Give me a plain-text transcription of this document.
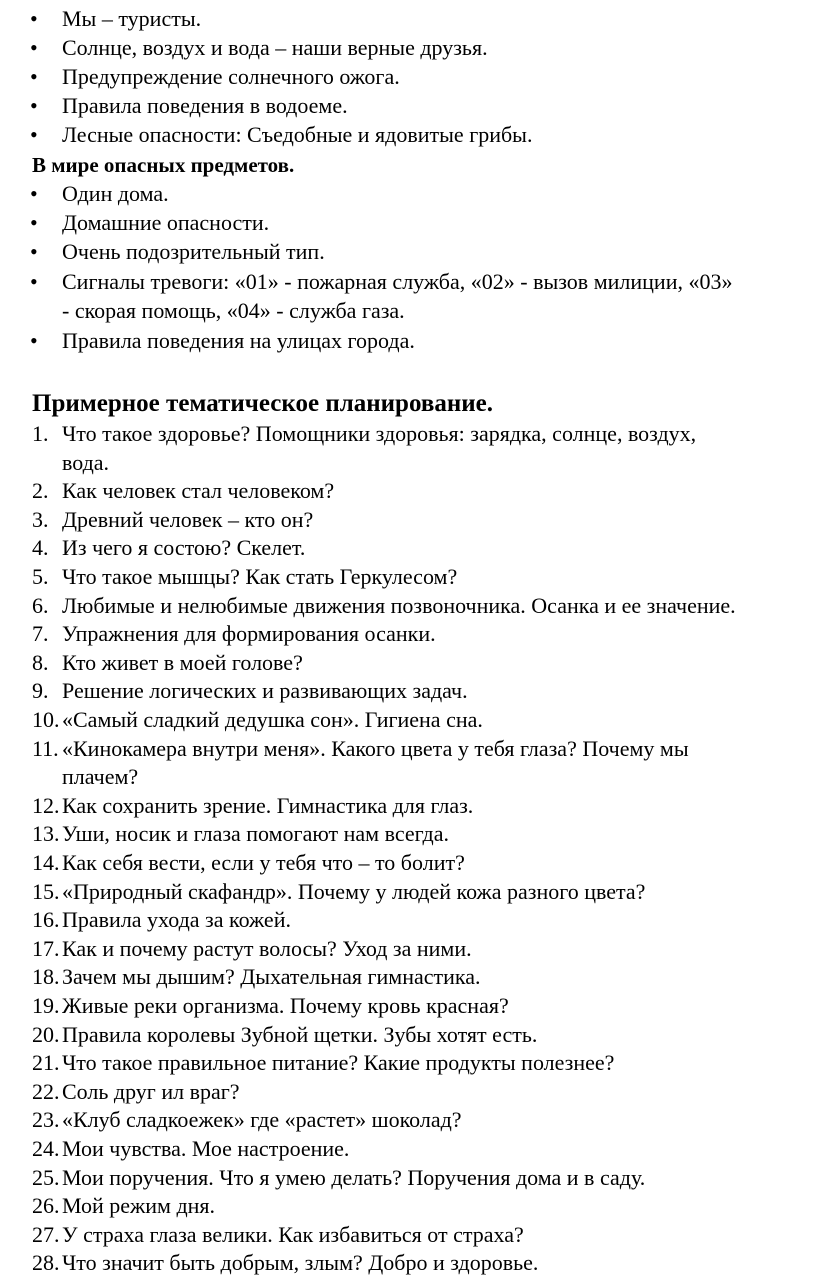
• Мы – туристы.
• Солнце, воздух и вода – наши верные друзья.
• Предупреждение солнечного ожога.
• Правила поведения в водоеме.
• Лесные опасности: Съедобные и ядовитые грибы.
В мире опасных предметов.
• Один дома.
• Домашние опасности.
• Очень подозрительный тип.
• Сигналы тревоги: «01» - пожарная служба, «02» - вызов милиции, «03»
- скорая помощь, «04» - служба газа.
• Правила поведения на улицах города.
Примерное тематическое планирование.
1. Что такое здоровье? Помощники здоровья: зарядка, солнце, воздух,
вода.
2. Как человек стал человеком?
3. Древний человек – кто он?
4. Из чего я состою? Скелет.
5. Что такое мышцы? Как стать Геркулесом?
6. Любимые и нелюбимые движения позвоночника. Осанка и ее значение.
7. Упражнения для формирования осанки.
8. Кто живет в моей голове?
9. Решение логических и развивающих задач.
10. «Самый сладкий дедушка сон». Гигиена сна.
11. «Кинокамера внутри меня». Какого цвета у тебя глаза? Почему мы
плачем?
12. Как сохранить зрение. Гимнастика для глаз.
13. Уши, носик и глаза помогают нам всегда.
14. Как себя вести, если у тебя что – то болит?
15. «Природный скафандр». Почему у людей кожа разного цвета?
16. Правила ухода за кожей.
17. Как и почему растут волосы? Уход за ними.
18. Зачем мы дышим? Дыхательная гимнастика.
19. Живые реки организма. Почему кровь красная?
20. Правила королевы Зубной щетки. Зубы хотят есть.
21. Что такое правильное питание? Какие продукты полезнее?
22. Соль друг ил враг?
23. «Клуб сладкоежек» где «растет» шоколад?
24. Мои чувства. Мое настроение.
25. Мои поручения. Что я умею делать? Поручения дома и в саду.
26. Мой режим дня.
27. У страха глаза велики. Как избавиться от страха?
28. Что значит быть добрым, злым? Добро и здоровье.
